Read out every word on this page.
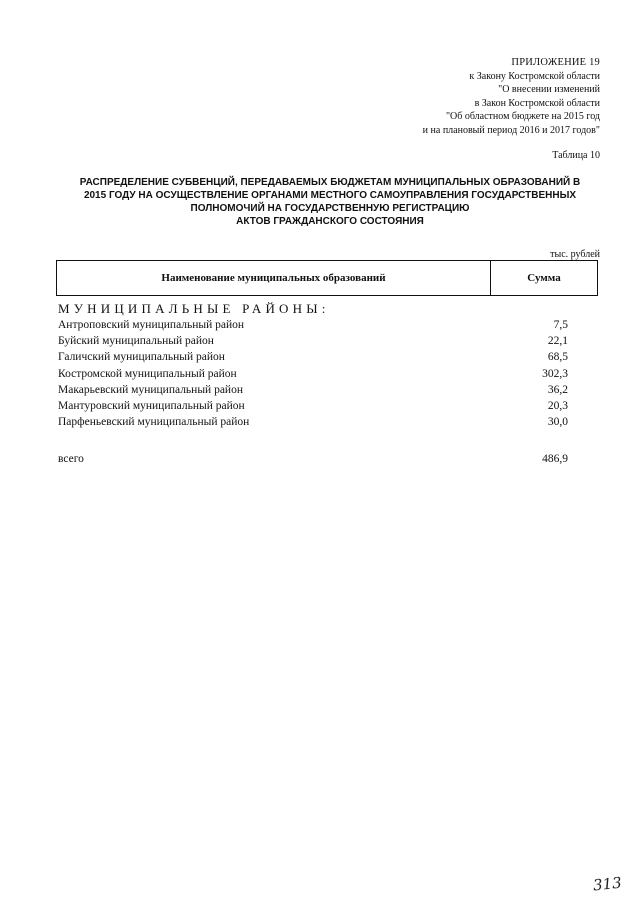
ПРИЛОЖЕНИЕ 19
к Закону Костромской области
"О внесении изменений
в Закон Костромской области
"Об областном бюджете на 2015 год
и на плановый период 2016 и 2017 годов"
Таблица 10
РАСПРЕДЕЛЕНИЕ СУБВЕНЦИЙ, ПЕРЕДАВАЕМЫХ БЮДЖЕТАМ МУНИЦИПАЛЬНЫХ ОБРАЗОВАНИЙ В
2015 ГОДУ НА ОСУЩЕСТВЛЕНИЕ ОРГАНАМИ МЕСТНОГО САМОУПРАВЛЕНИЯ ГОСУДАРСТВЕННЫХ
ПОЛНОМОЧИЙ НА ГОСУДАРСТВЕННУЮ РЕГИСТРАЦИЮ
АКТОВ ГРАЖДАНСКОГО СОСТОЯНИЯ
тыс. рублей
Наименование муниципальных образований	Сумма
МУНИЦИПАЛЬНЫЕ РАЙОНЫ:
Антроповский муниципальный район	7,5
Буйский муниципальный район	22,1
Галичский муниципальный район	68,5
Костромской муниципальный район	302,3
Макарьевский муниципальный район	36,2
Мантуровский муниципальный район	20,3
Парфеньевский муниципальный район	30,0
всего	486,9
313
